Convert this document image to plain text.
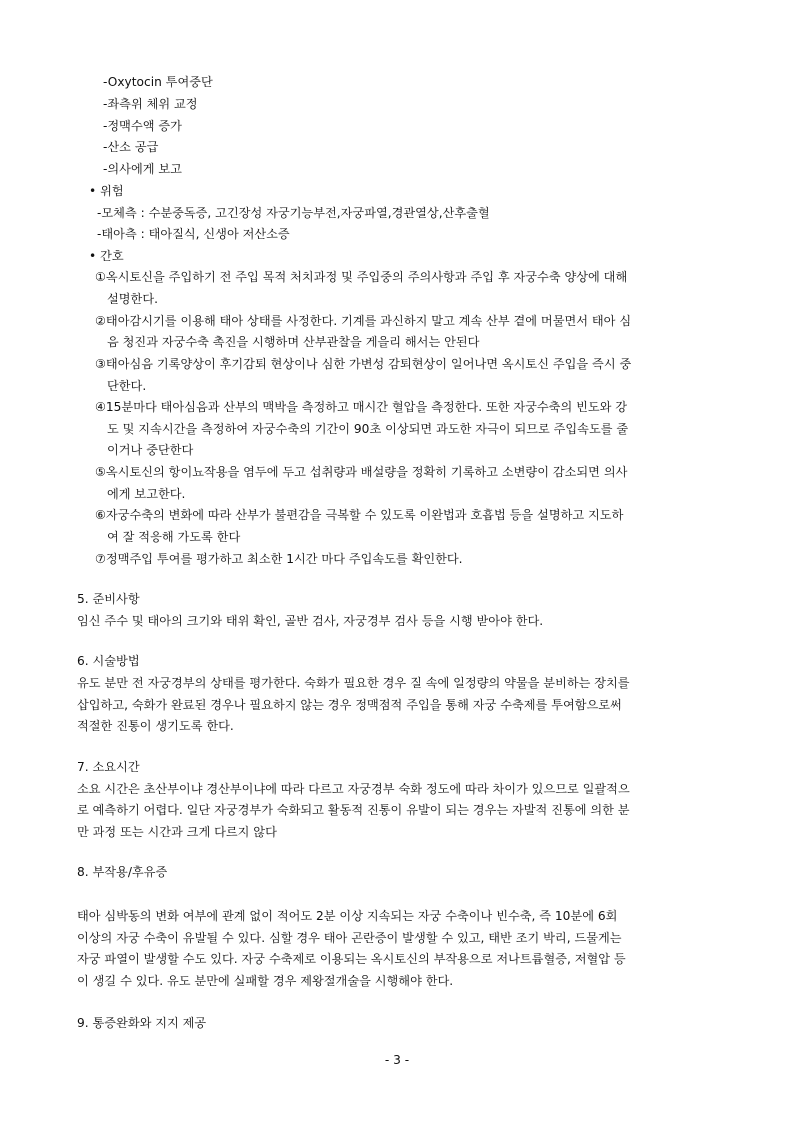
-Oxytocin 투여중단
-좌측위 체위 교정
-정맥수액 증가
-산소 공급
-의사에게 보고
• 위험
-모체측 : 수분중독증, 고긴장성 자궁기능부전,자궁파열,경관열상,산후출혈
-태아측 : 태아질식, 신생아 저산소증
• 간호
①옥시토신을 주입하기 전 주입 목적 처치과정 및 주입중의 주의사항과 주입 후 자궁수축 양상에 대해
설명한다.
②태아감시기를 이용해 태아 상태를 사정한다. 기계를 과신하지 말고 계속 산부 곁에 머물면서 태아 심
음 청진과 자궁수축 촉진을 시행하며 산부관찰을 게을리 해서는 안된다
③태아심음 기록양상이 후기감퇴 현상이나 심한 가변성 감퇴현상이 일어나면 옥시토신 주입을 즉시 중
단한다.
④15분마다 태아심음과 산부의 맥박을 측정하고 매시간 혈압을 측정한다. 또한 자궁수축의 빈도와 강
도 및 지속시간을 측정하여 자궁수축의 기간이 90초 이상되면 과도한 자극이 되므로 주입속도를 줄
이거나 중단한다
⑤옥시토신의 항이뇨작용을 염두에 두고 섭취량과 배설량을 정확히 기록하고 소변량이 감소되면 의사
에게 보고한다.
⑥자궁수축의 변화에 따라 산부가 불편감을 극복할 수 있도록 이완법과 호흡법 등을 설명하고 지도하
여 잘 적응해 가도록 한다
⑦정맥주입 투여를 평가하고 최소한 1시간 마다 주입속도를 확인한다.
5. 준비사항
임신 주수 및 태아의 크기와 태위 확인, 골반 검사, 자궁경부 검사 등을 시행 받아야 한다.
6. 시술방법
유도 분만 전 자궁경부의 상태를 평가한다. 숙화가 필요한 경우 질 속에 일정량의 약물을 분비하는 장치를
삽입하고, 숙화가 완료된 경우나 필요하지 않는 경우 정맥점적 주입을 통해 자궁 수축제를 투여함으로써
적절한 진통이 생기도록 한다.
7. 소요시간
소요 시간은 초산부이냐 경산부이냐에 따라 다르고 자궁경부 숙화 정도에 따라 차이가 있으므로 일괄적으
로 예측하기 어렵다. 일단 자궁경부가 숙화되고 활동적 진통이 유발이 되는 경우는 자발적 진통에 의한 분
만 과정 또는 시간과 크게 다르지 않다
8. 부작용/후유증
태아 심박동의 변화 여부에 관계 없이 적어도 2분 이상 지속되는 자궁 수축이나 빈수축, 즉 10분에 6회
이상의 자궁 수축이 유발될 수 있다. 심할 경우 태아 곤란증이 발생할 수 있고, 태반 조기 박리, 드물게는
자궁 파열이 발생할 수도 있다. 자궁 수축제로 이용되는 옥시토신의 부작용으로 저나트륨혈증, 저혈압 등
이 생길 수 있다. 유도 분만에 실패할 경우 제왕절개술을 시행해야 한다.
9. 통증완화와 지지 제공
- 3 -
